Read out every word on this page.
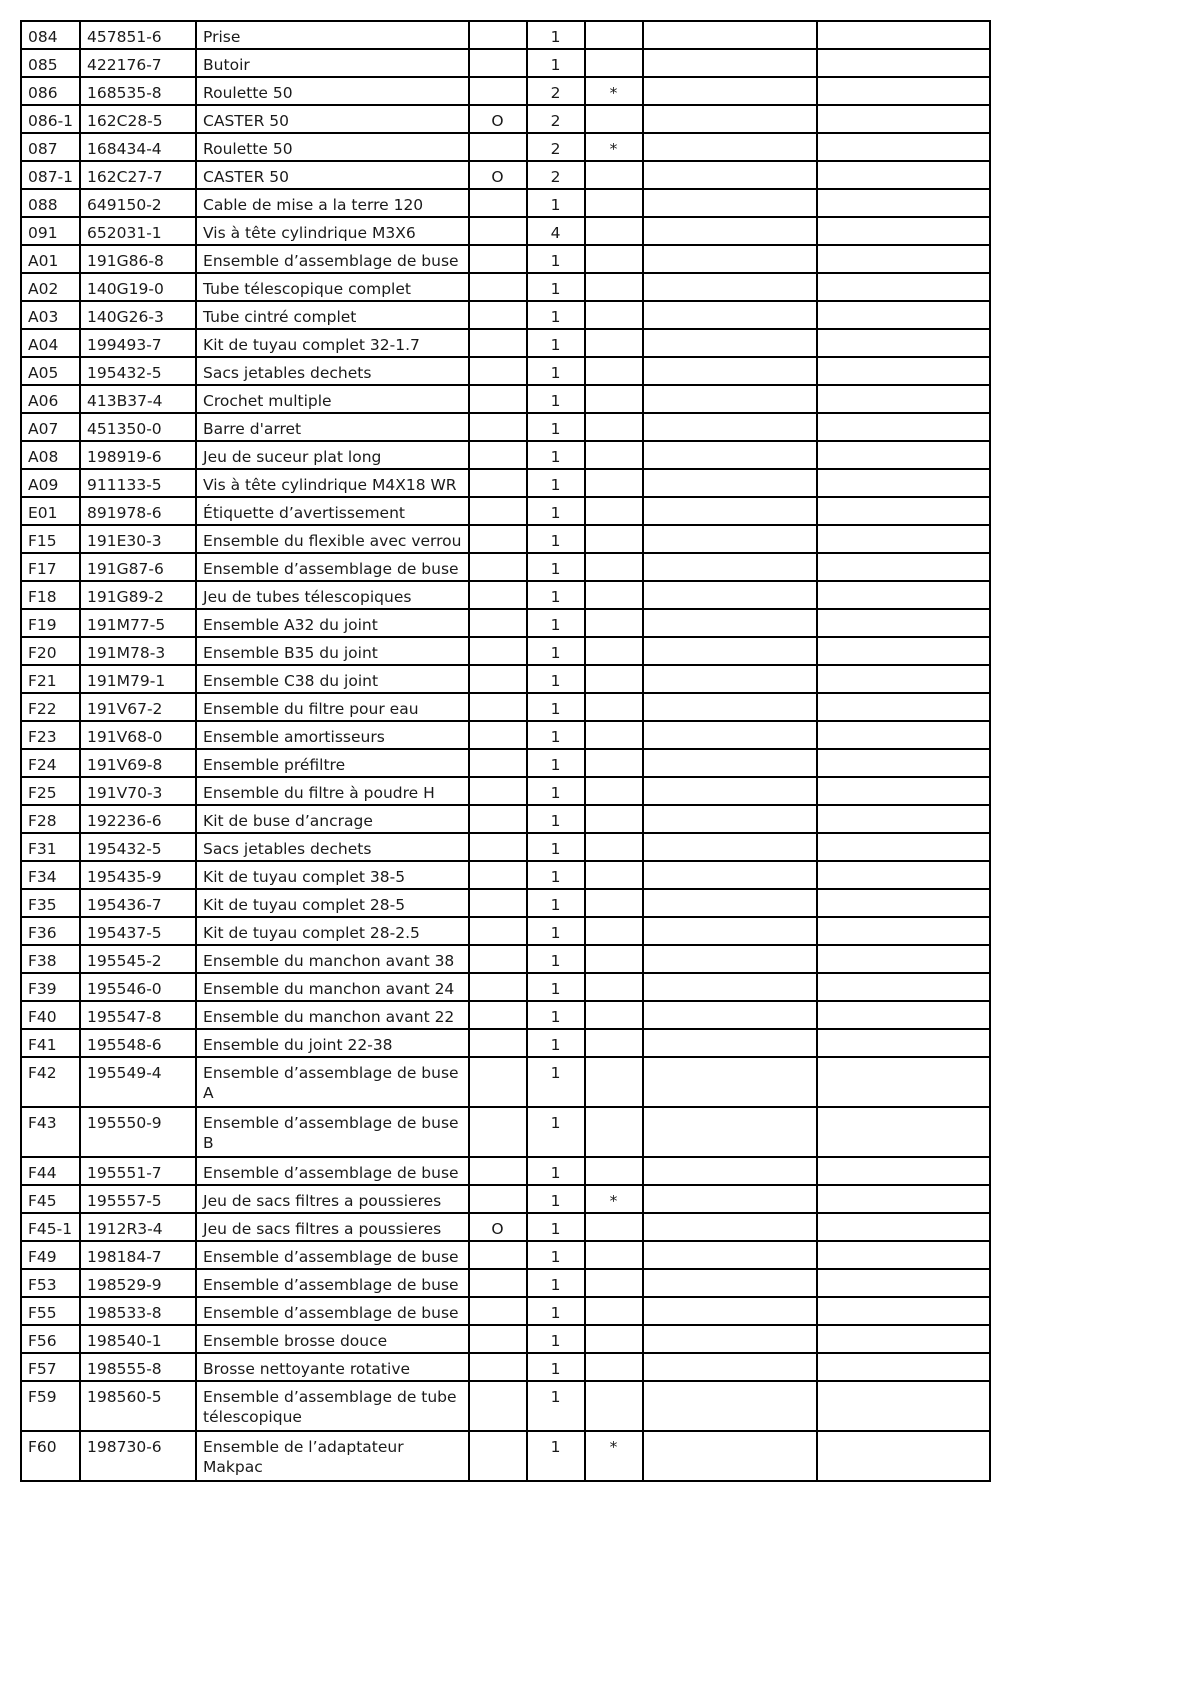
084	457851-6	Prise		1			
085	422176-7	Butoir		1			
086	168535-8	Roulette 50		2	*		
086-1	162C28-5	CASTER 50	O	2			
087	168434-4	Roulette 50		2	*		
087-1	162C27-7	CASTER 50	O	2			
088	649150-2	Cable de mise a la terre 120		1			
091	652031-1	Vis à tête cylindrique M3X6		4			
A01	191G86-8	Ensemble d’assemblage de buse		1			
A02	140G19-0	Tube télescopique complet		1			
A03	140G26-3	Tube cintré complet		1			
A04	199493-7	Kit de tuyau complet 32-1.7		1			
A05	195432-5	Sacs jetables dechets		1			
A06	413B37-4	Crochet multiple		1			
A07	451350-0	Barre d'arret		1			
A08	198919-6	Jeu de suceur plat long		1			
A09	911133-5	Vis à tête cylindrique M4X18 WR		1			
E01	891978-6	Étiquette d’avertissement		1			
F15	191E30-3	Ensemble du flexible avec verrou		1			
F17	191G87-6	Ensemble d’assemblage de buse		1			
F18	191G89-2	Jeu de tubes télescopiques		1			
F19	191M77-5	Ensemble A32 du joint		1			
F20	191M78-3	Ensemble B35 du joint		1			
F21	191M79-1	Ensemble C38 du joint		1			
F22	191V67-2	Ensemble du filtre pour eau		1			
F23	191V68-0	Ensemble amortisseurs		1			
F24	191V69-8	Ensemble préfiltre		1			
F25	191V70-3	Ensemble du filtre à poudre H		1			
F28	192236-6	Kit de buse d’ancrage		1			
F31	195432-5	Sacs jetables dechets		1			
F34	195435-9	Kit de tuyau complet 38-5		1			
F35	195436-7	Kit de tuyau complet 28-5		1			
F36	195437-5	Kit de tuyau complet 28-2.5		1			
F38	195545-2	Ensemble du manchon avant 38		1			
F39	195546-0	Ensemble du manchon avant 24		1			
F40	195547-8	Ensemble du manchon avant 22		1			
F41	195548-6	Ensemble du joint 22-38		1			
F42	195549-4	Ensemble d’assemblage de buse A		1			
F43	195550-9	Ensemble d’assemblage de buse B		1			
F44	195551-7	Ensemble d’assemblage de buse		1			
F45	195557-5	Jeu de sacs filtres a poussieres		1	*		
F45-1	1912R3-4	Jeu de sacs filtres a poussieres	O	1			
F49	198184-7	Ensemble d’assemblage de buse		1			
F53	198529-9	Ensemble d’assemblage de buse		1			
F55	198533-8	Ensemble d’assemblage de buse		1			
F56	198540-1	Ensemble brosse douce		1			
F57	198555-8	Brosse nettoyante rotative		1			
F59	198560-5	Ensemble d’assemblage de tube télescopique		1			
F60	198730-6	Ensemble de l’adaptateur Makpac		1	*		
